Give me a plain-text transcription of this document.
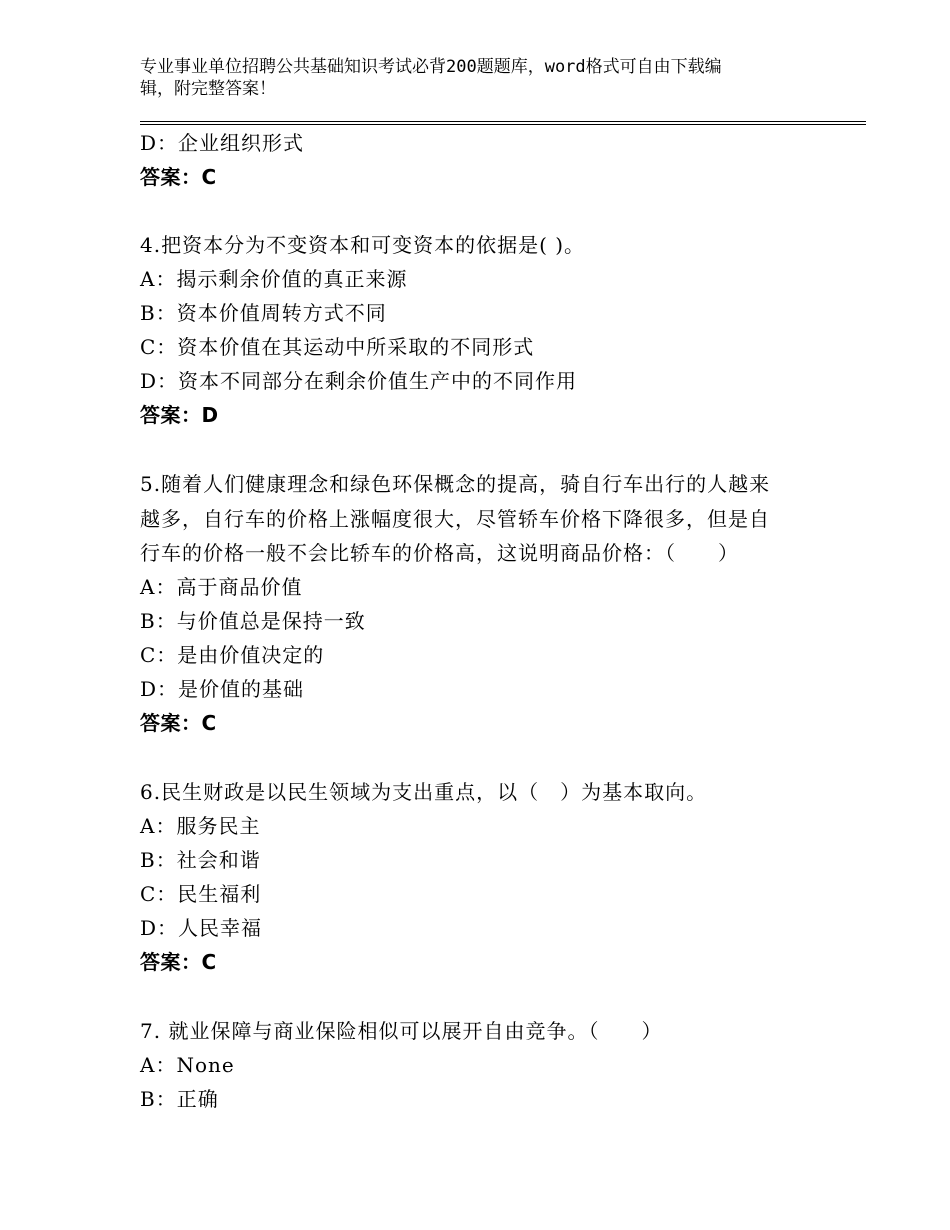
专业事业单位招聘公共基础知识考试必背200题题库，word格式可自由下载编
辑，附完整答案！
D：企业组织形式
答案：C
4.把资本分为不变资本和可变资本的依据是( )。
A：揭示剩余价值的真正来源
B：资本价值周转方式不同
C：资本价值在其运动中所采取的不同形式
D：资本不同部分在剩余价值生产中的不同作用
答案：D
5.随着人们健康理念和绿色环保概念的提高，骑自行车出行的人越来
越多，自行车的价格上涨幅度很大，尽管轿车价格下降很多，但是自
行车的价格一般不会比轿车的价格高，这说明商品价格：（　　）
A：高于商品价值
B：与价值总是保持一致
C：是由价值决定的
D：是价值的基础
答案：C
6.民生财政是以民生领域为支出重点，以（　）为基本取向。
A：服务民主
B：社会和谐
C：民生福利
D：人民幸福
答案：C
7. 就业保障与商业保险相似可以展开自由竞争。（　　）
A：None
B：正确
